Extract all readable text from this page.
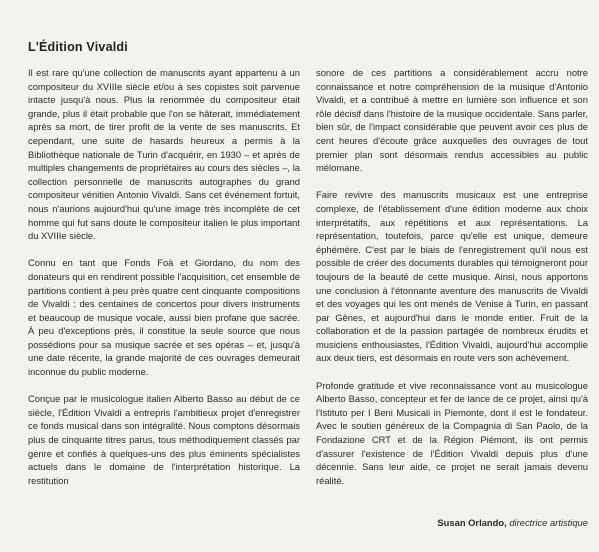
L'Édition Vivaldi

Il est rare qu'une collection de manuscrits ayant appartenu à un compositeur du XVIIIe siècle et/ou à ses copistes soit parvenue intacte jusqu'à nous. Plus la renommée du compositeur était grande, plus il était probable que l'on se hâterait, immédiatement après sa mort, de tirer profit de la vente de ses manuscrits. Et cependant, une suite de hasards heureux a permis à la Bibliothèque nationale de Turin d'acquérir, en 1930 – et après de multiples changements de propriétaires au cours des siècles –, la collection personnelle de manuscrits autographes du grand compositeur vénitien Antonio Vivaldi. Sans cet événement fortuit, nous n'aurions aujourd'hui qu'une image très incomplète de cet homme qui fut sans doute le compositeur italien le plus important du XVIIIe siècle.

Connu en tant que Fonds Foà et Giordano, du nom des donateurs qui en rendirent possible l'acquisition, cet ensemble de partitions contient à peu près quatre cent cinquante compositions de Vivaldi : des centaines de concertos pour divers instruments et beaucoup de musique vocale, aussi bien profane que sacrée. À peu d'exceptions près, il constitue la seule source que nous possédions pour sa musique sacrée et ses opéras – et, jusqu'à une date récente, la grande majorité de ces ouvrages demeurait inconnue du public moderne.

Conçue par le musicologue italien Alberto Basso au début de ce siècle, l'Édition Vivaldi a entrepris l'ambitieux projet d'enregistrer ce fonds musical dans son intégralité. Nous comptons désormais plus de cinquante titres parus, tous méthodiquement classés par genre et confiés à quelques-uns des plus éminents spécialistes actuels dans le domaine de l'interprétation historique. La restitution

sonore de ces partitions a considérablement accru notre connaissance et notre compréhension de la musique d'Antonio Vivaldi, et a contribué à mettre en lumière son influence et son rôle décisif dans l'histoire de la musique occidentale. Sans parler, bien sûr, de l'impact considérable que peuvent avoir ces plus de cent heures d'écoute grâce auxquelles des ouvrages de tout premier plan sont désormais rendus accessibles au public mélomane.

Faire revivre des manuscrits musicaux est une entreprise complexe, de l'établissement d'une édition moderne aux choix interprétatifs, aux répétitions et aux représentations. La représentation, toutefois, parce qu'elle est unique, demeure éphémère. C'est par le biais de l'enregistrement qu'il nous est possible de créer des documents durables qui témoigneront pour toujours de la beauté de cette musique. Ainsi, nous apportons une conclusion à l'étonnante aventure des manuscrits de Vivaldi et des voyages qui les ont menés de Venise à Turin, en passant par Gênes, et aujourd'hui dans le monde entier. Fruit de la collaboration et de la passion partagée de nombreux érudits et musiciens enthousiastes, l'Édition Vivaldi, aujourd'hui accomplie aux deux tiers, est désormais en route vers son achèvement.

Profonde gratitude et vive reconnaissance vont au musicologue Alberto Basso, concepteur et fer de lance de ce projet, ainsi qu'à l'Istituto per I Beni Musicali in Piemonte, dont il est le fondateur. Avec le soutien généreux de la Compagnia di San Paolo, de la Fondazione CRT et de la Région Piémont, ils ont permis d'assurer l'existence de l'Édition Vivaldi depuis plus d'une décennie. Sans leur aide, ce projet ne serait jamais devenu réalité.

Susan Orlando, directrice artistique
